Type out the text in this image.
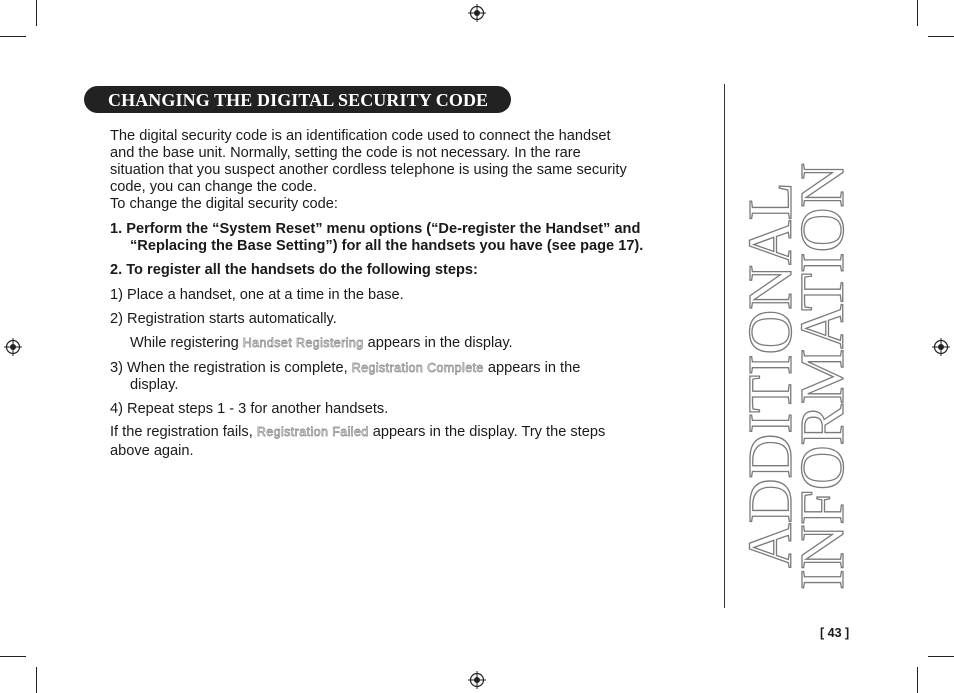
CHANGING THE DIGITAL SECURITY CODE
The digital security code is an identification code used to connect the handset
and the base unit. Normally, setting the code is not necessary. In the rare
situation that you suspect another cordless telephone is using the same security
code, you can change the code.
To change the digital security code:
1. Perform the “System Reset” menu options (“De-register the Handset” and
“Replacing the Base Setting”) for all the handsets you have (see page 17).
2. To register all the handsets do the following steps:
1) Place a handset, one at a time in the base.
2) Registration starts automatically.
While registering Handset Registering appears in the display.
3) When the registration is complete, Registration Complete appears in the
display.
4) Repeat steps 1 - 3 for another handsets.
If the registration fails, Registration Failed appears in the display. Try the steps
above again.	ADDITIONAL
INFORMATION
[ 43 ]
